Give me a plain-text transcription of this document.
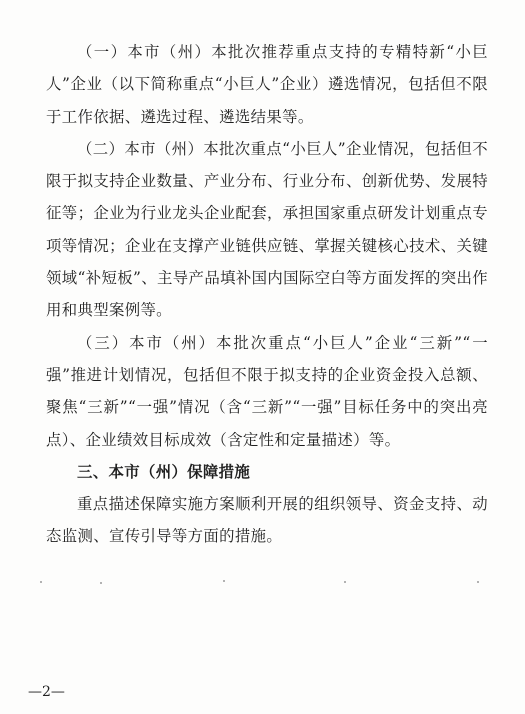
（一）本市（州）本批次推荐重点支持的专精特新“小巨人”企业（以下简称重点“小巨人”企业）遴选情况，包括但不限于工作依据、遴选过程、遴选结果等。

（二）本市（州）本批次重点“小巨人”企业情况，包括但不限于拟支持企业数量、产业分布、行业分布、创新优势、发展特征等；企业为行业龙头企业配套，承担国家重点研发计划重点专项等情况；企业在支撑产业链供应链、掌握关键核心技术、关键领域“补短板”、主导产品填补国内国际空白等方面发挥的突出作用和典型案例等。

（三）本市（州）本批次重点“小巨人”企业“三新”“一强”推进计划情况，包括但不限于拟支持的企业资金投入总额、聚焦“三新”“一强”情况（含“三新”“一强”目标任务中的突出亮点）、企业绩效目标成效（含定性和定量描述）等。

三、本市（州）保障措施

重点描述保障实施方案顺利开展的组织领导、资金支持、动态监测、宣传引导等方面的措施。

—2—
